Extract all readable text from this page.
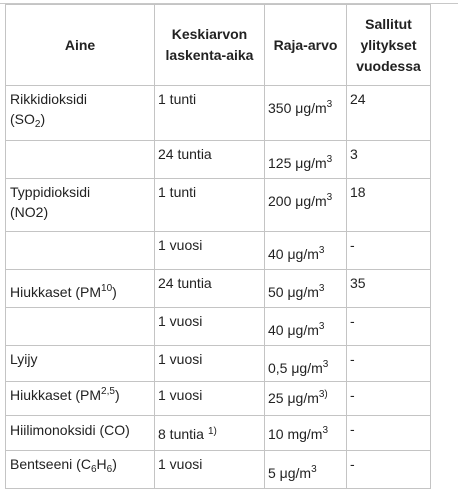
Aine	Keskiarvon laskenta-aika	Raja-arvo	Sallitut ylitykset vuodessa

Rikkidioksidi
$(SO_2)$	1 tunti	350 $\mu g/m^3$	24

	24 tuntia	125 $\mu g/m^3$	3

Typpidioksidi
(NO2)	1 tunti	200 $\mu g/m^3$	18

	1 vuosi	40 $\mu g/m^3$	-

Hiukkaset (PM$^{10}$)	24 tuntia	50 $\mu g/m^3$	35

	1 vuosi	40 $\mu g/m^3$	-

Lyijy	1 vuosi	0,5 $\mu g/m^3$	-

Hiukkaset (PM$^{2,5}$)	1 vuosi	25 $\mu g/m^{3)}$	-

Hiilimonoksidi (CO)	8 tuntia $^{1)}$	10 $mg/m^3$	-

Bentseeni $(C_6H_6)$	1 vuosi	5 $\mu g/m^3$	-
